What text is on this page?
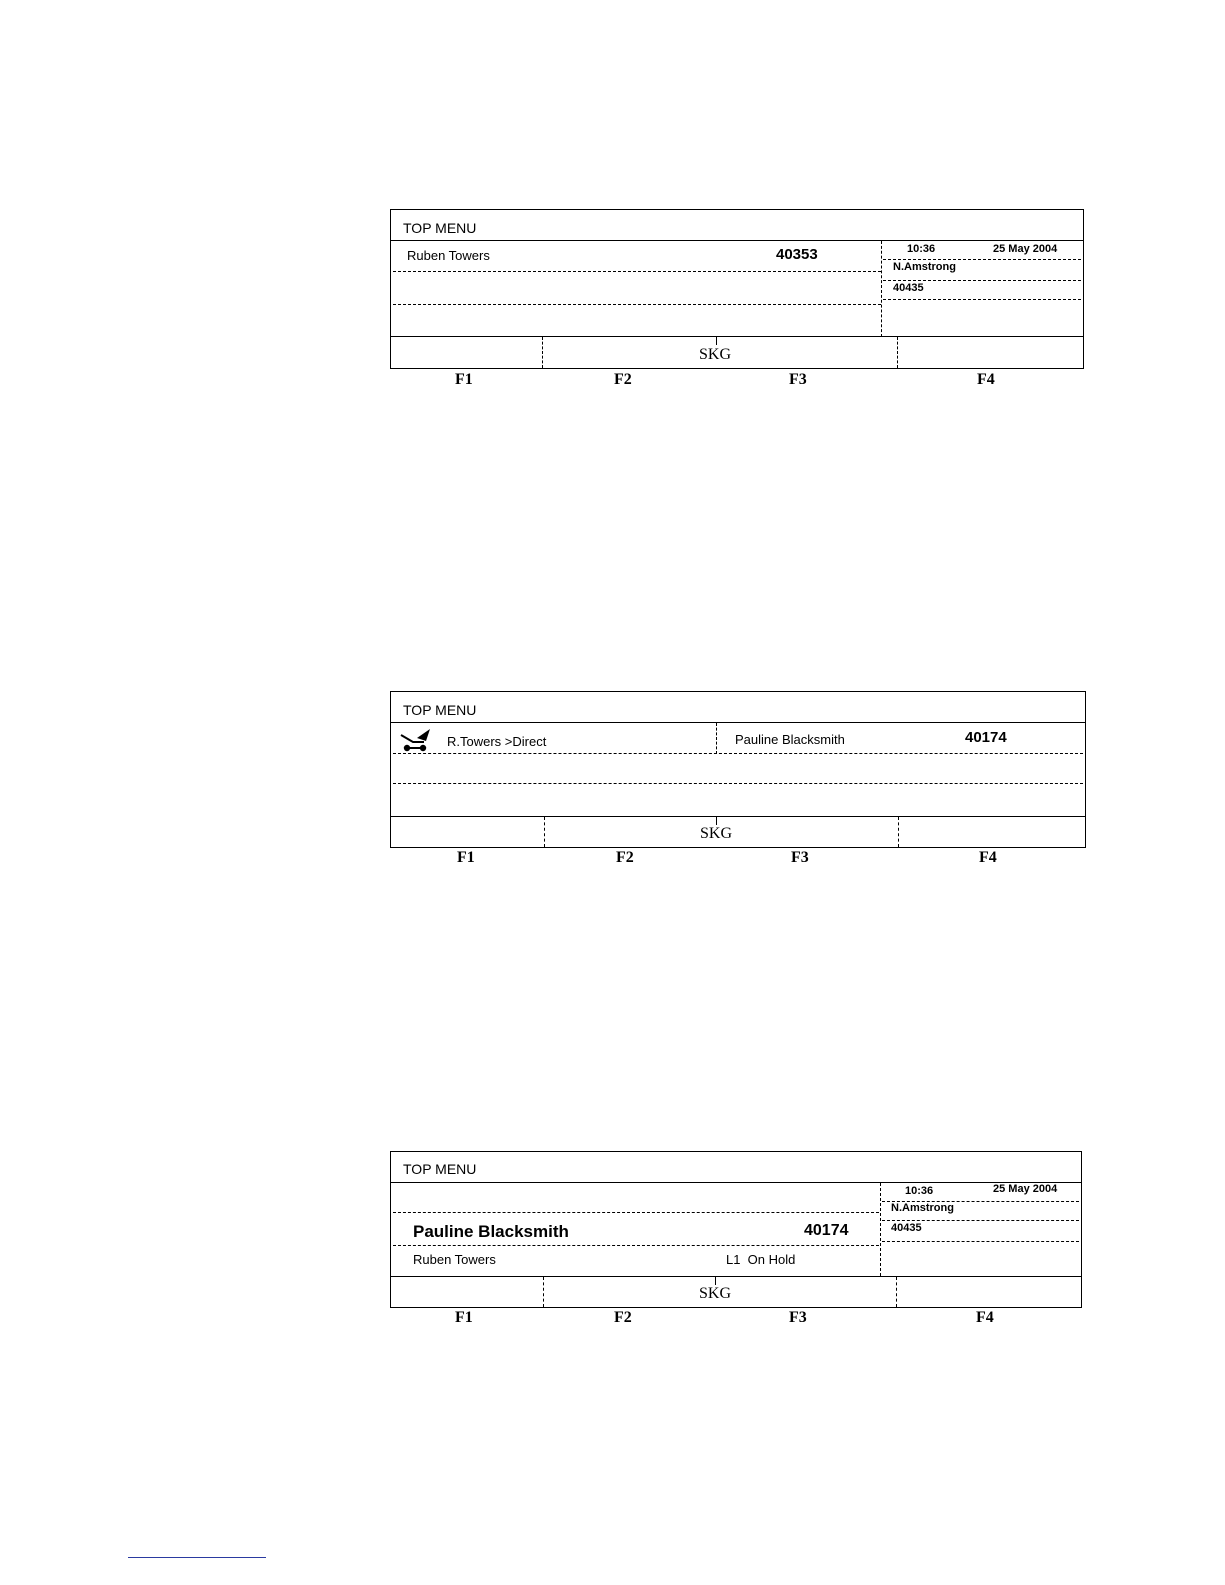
TOP MENU
Ruben Towers	40353	10:36	25 May 2004
N.Amstrong
40435
SKG
F1	F2	F3	F4
TOP MENU
R.Towers >Direct	Pauline Blacksmith	40174
SKG
F1	F2	F3	F4
TOP MENU
Pauline Blacksmith	40174
Ruben Towers	L1  On Hold
10:36	25 May 2004
N.Amstrong
40435
SKG
F1	F2	F3	F4
